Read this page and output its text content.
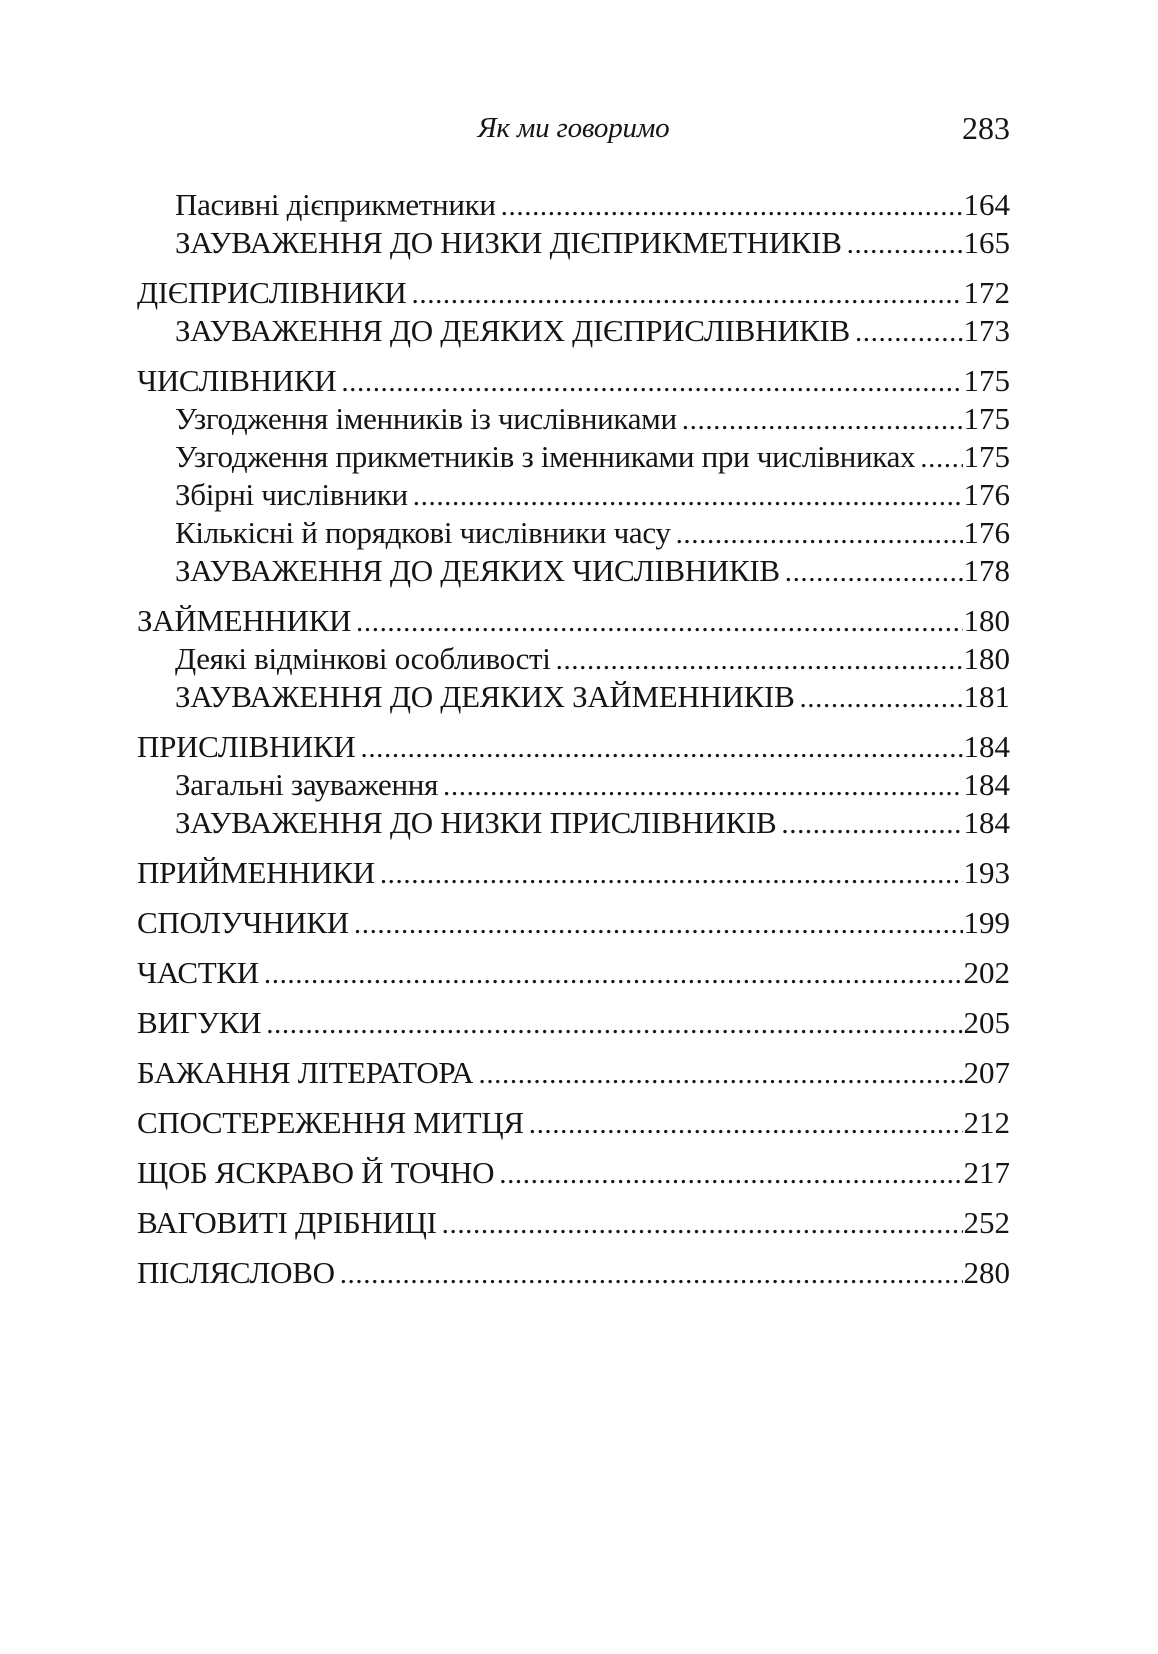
Як ми говоримо	283
Пасивні дієприкметники .....	164
ЗАУВАЖЕННЯ ДО НИЗКИ ДІЄПРИКМЕТНИКІВ .....	165
ДІЄПРИСЛІВНИКИ .....	172
ЗАУВАЖЕННЯ ДО ДЕЯКИХ ДІЄПРИСЛІВНИКІВ .....	173
ЧИСЛІВНИКИ .....	175
Узгодження іменників із числівниками .....	175
Узгодження прикметників з іменниками при числівниках ..... 175
Збірні числівники .....	176
Кількісні й порядкові числівники часу .....	176
ЗАУВАЖЕННЯ ДО ДЕЯКИХ ЧИСЛІВНИКІВ .....	178
ЗАЙМЕННИКИ .....	180
Деякі відмінкові особливості .....	180
ЗАУВАЖЕННЯ ДО ДЕЯКИХ ЗАЙМЕННИКІВ .....	181
ПРИСЛІВНИКИ .....	184
Загальні зауваження .....	184
ЗАУВАЖЕННЯ ДО НИЗКИ ПРИСЛІВНИКІВ .....	184
ПРИЙМЕННИКИ .....	193
СПОЛУЧНИКИ .....	199
ЧАСТКИ .....	202
ВИГУКИ .....	205
БАЖАННЯ ЛІТЕРАТОРА .....	207
СПОСТЕРЕЖЕННЯ МИТЦЯ .....	212
ЩОБ ЯСКРАВО Й ТОЧНО .....	217
ВАГОВИТІ ДРІБНИЦІ .....	252
ПІСЛЯСЛОВО .....	280
